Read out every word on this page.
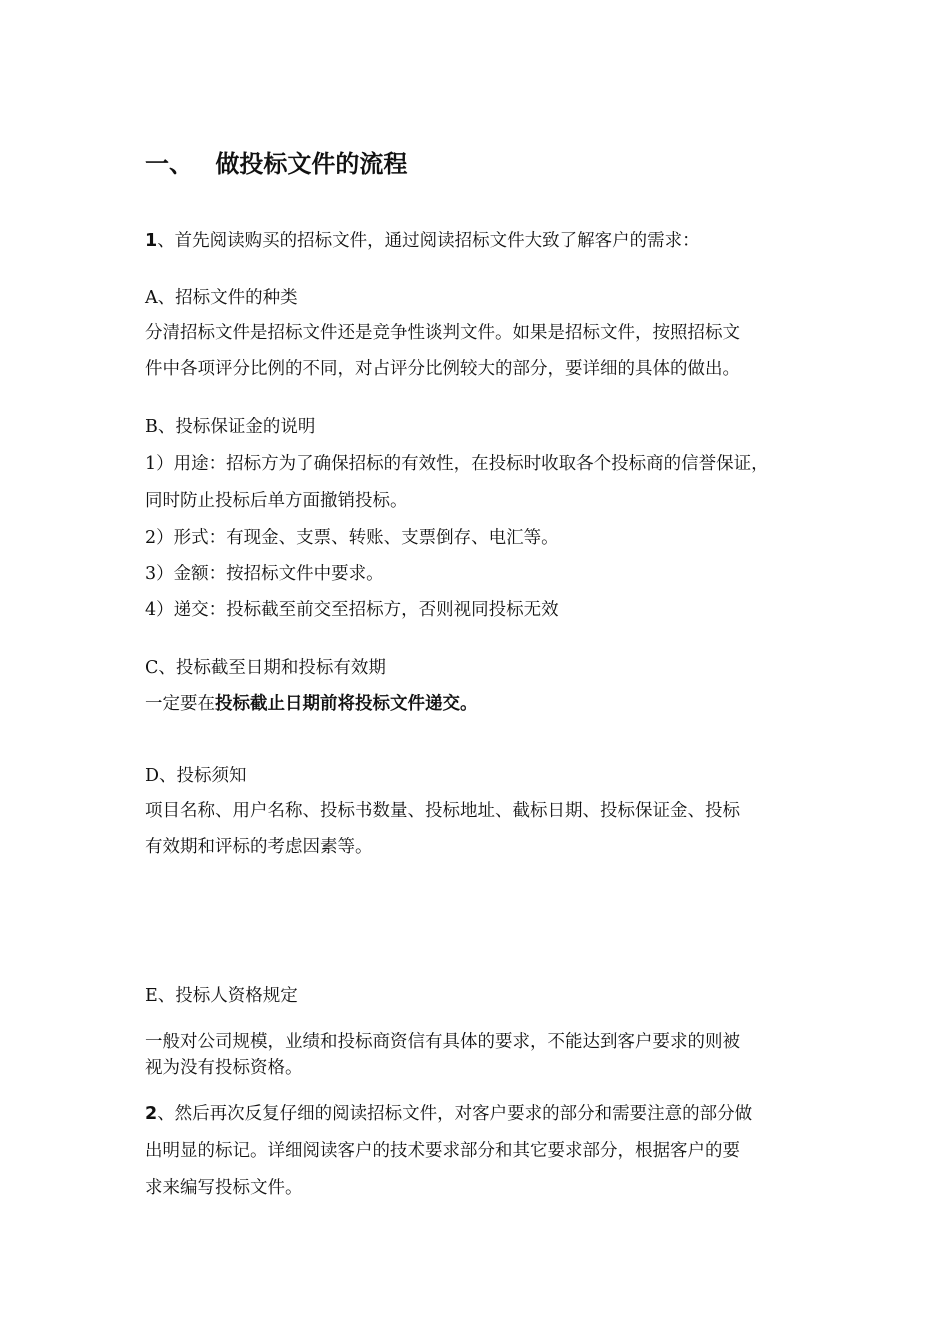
一、 做投标文件的流程
1、首先阅读购买的招标文件，通过阅读招标文件大致了解客户的需求：
A、招标文件的种类
分清招标文件是招标文件还是竞争性谈判文件。如果是招标文件，按照招标文
件中各项评分比例的不同，对占评分比例较大的部分，要详细的具体的做出。
B、投标保证金的说明
1）用途：招标方为了确保招标的有效性，在投标时收取各个投标商的信誉保证，
同时防止投标后单方面撤销投标。
2）形式：有现金、支票、转账、支票倒存、电汇等。
3）金额：按招标文件中要求。
4）递交：投标截至前交至招标方，否则视同投标无效
C、投标截至日期和投标有效期
一定要在投标截止日期前将投标文件递交。
D、投标须知
项目名称、用户名称、投标书数量、投标地址、截标日期、投标保证金、投标
有效期和评标的考虑因素等。
E、投标人资格规定
一般对公司规模，业绩和投标商资信有具体的要求，不能达到客户要求的则被
视为没有投标资格。
2、然后再次反复仔细的阅读招标文件，对客户要求的部分和需要注意的部分做
出明显的标记。详细阅读客户的技术要求部分和其它要求部分，根据客户的要
求来编写投标文件。
